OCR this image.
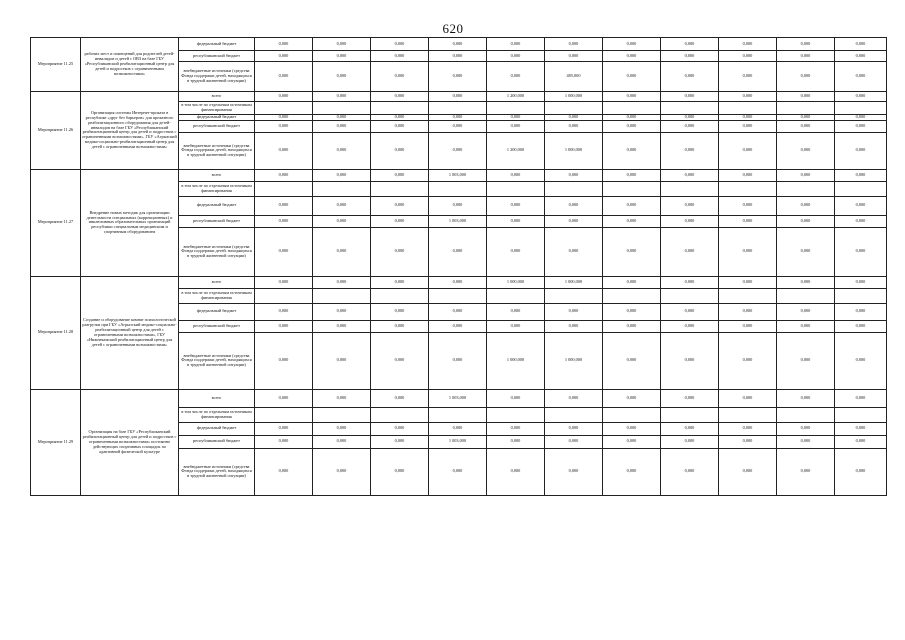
620
Мероприятие 11.25	рабочих мест и помещений для родителей детей-инвалидов и детей с ОВЗ на базе ГБУ «Республиканский реабилитационный центр для детей и подростков с ограниченными возможностями»	федеральный бюджет	0,000	0,000	0,000	0,000	0,000	0,000	0,000	0,000	0,000	0,000	0,000
		республиканский бюджет	0,000	0,000	0,000	0,000	0,000	0,000	0,000	0,000	0,000	0,000	0,000
		внебюджетные источники (средства Фонда поддержки детей, находящихся в трудной жизненной ситуации)	0,000	0,000	0,000	0,000	0,000	485,000	0,000	0,000	0,000	0,000	0,000
Мероприятие 11.26	Организация системы Интернет-проката в республике «друг без барьеров» для прокатного реабилитационного оборудования для детей-инвалидов на базе ГБУ «Республиканский реабилитационный центр для детей и подростков с ограниченными возможностями», ГБУ «Агрызский медико-социально-реабилитационный центр для детей с ограниченными возможностями»	всего	0,000	0,000	0,000	0,000	1 200,000	1 000,000	0,000	0,000	0,000	0,000	0,000
		в том числе по отдельным источникам финансирования											
		федеральный бюджет	0,000	0,000	0,000	0,000	0,000	0,000	0,000	0,000	0,000	0,000	0,000
		республиканский бюджет	0,000	0,000	0,000	0,000	0,000	0,000	0,000	0,000	0,000	0,000	0,000
		внебюджетные источники (средства Фонда поддержки детей, находящихся в трудной жизненной ситуации)	0,000	0,000	0,000	0,000	1 200,000	1 000,000	0,000	0,000	0,000	0,000	0,000
Мероприятие 11.27	Внедрение новых методик для организации деятельности специальных (коррекционных) и инклюзивных образовательных организаций республики специальным медицинским и спортивным оборудованием	всего	0,000	0,000	0,000	1 003,000	0,000	0,000	0,000	0,000	0,000	0,000	0,000
		в том числе по отдельным источникам финансирования											
		федеральный бюджет	0,000	0,000	0,000	0,000	0,000	0,000	0,000	0,000	0,000	0,000	0,000
		республиканский бюджет	0,000	0,000	0,000	1 003,000	0,000	0,000	0,000	0,000	0,000	0,000	0,000
		внебюджетные источники (средства Фонда поддержки детей, находящихся в трудной жизненной ситуации)	0,000	0,000	0,000	0,000	0,000	0,000	0,000	0,000	0,000	0,000	0,000
Мероприятие 11.28	Создание и оборудование комнат психологической разгрузки при ГБУ «Агрызский медико-социально-реабилитационный центр для детей с ограниченными возможностями», ГБУ «Нижнекамский реабилитационный центр для детей с ограниченными возможностями»	всего	0,000	0,000	0,000	0,000	1 000,000	1 000,000	0,000	0,000	0,000	0,000	0,000
		в том числе по отдельным источникам финансирования											
		федеральный бюджет	0,000	0,000	0,000	0,000	0,000	0,000	0,000	0,000	0,000	0,000	0,000
		республиканский бюджет	0,000	0,000	0,000	0,000	0,000	0,000	0,000	0,000	0,000	0,000	0,000
		внебюджетные источники (средства Фонда поддержки детей, находящихся в трудной жизненной ситуации)	0,000	0,000	0,000	0,000	1 000,000	1 000,000	0,000	0,000	0,000	0,000	0,000
Мероприятие 11.29	Организация на базе ГБУ «Республиканский реабилитационный центр для детей и подростков с ограниченными возможностями» постоянно действующих спортивных площадок по адаптивной физической культуре	всего	0,000	0,000	0,000	1 003,000	0,000	0,000	0,000	0,000	0,000	0,000	0,000
		в том числе по отдельным источникам финансирования											
		федеральный бюджет	0,000	0,000	0,000	0,000	0,000	0,000	0,000	0,000	0,000	0,000	0,000
		республиканский бюджет	0,000	0,000	0,000	1 003,000	0,000	0,000	0,000	0,000	0,000	0,000	0,000
		внебюджетные источники (средства Фонда поддержки детей, находящихся в трудной жизненной ситуации)	0,000	0,000	0,000	0,000	0,000	0,000	0,000	0,000	0,000	0,000	0,000
